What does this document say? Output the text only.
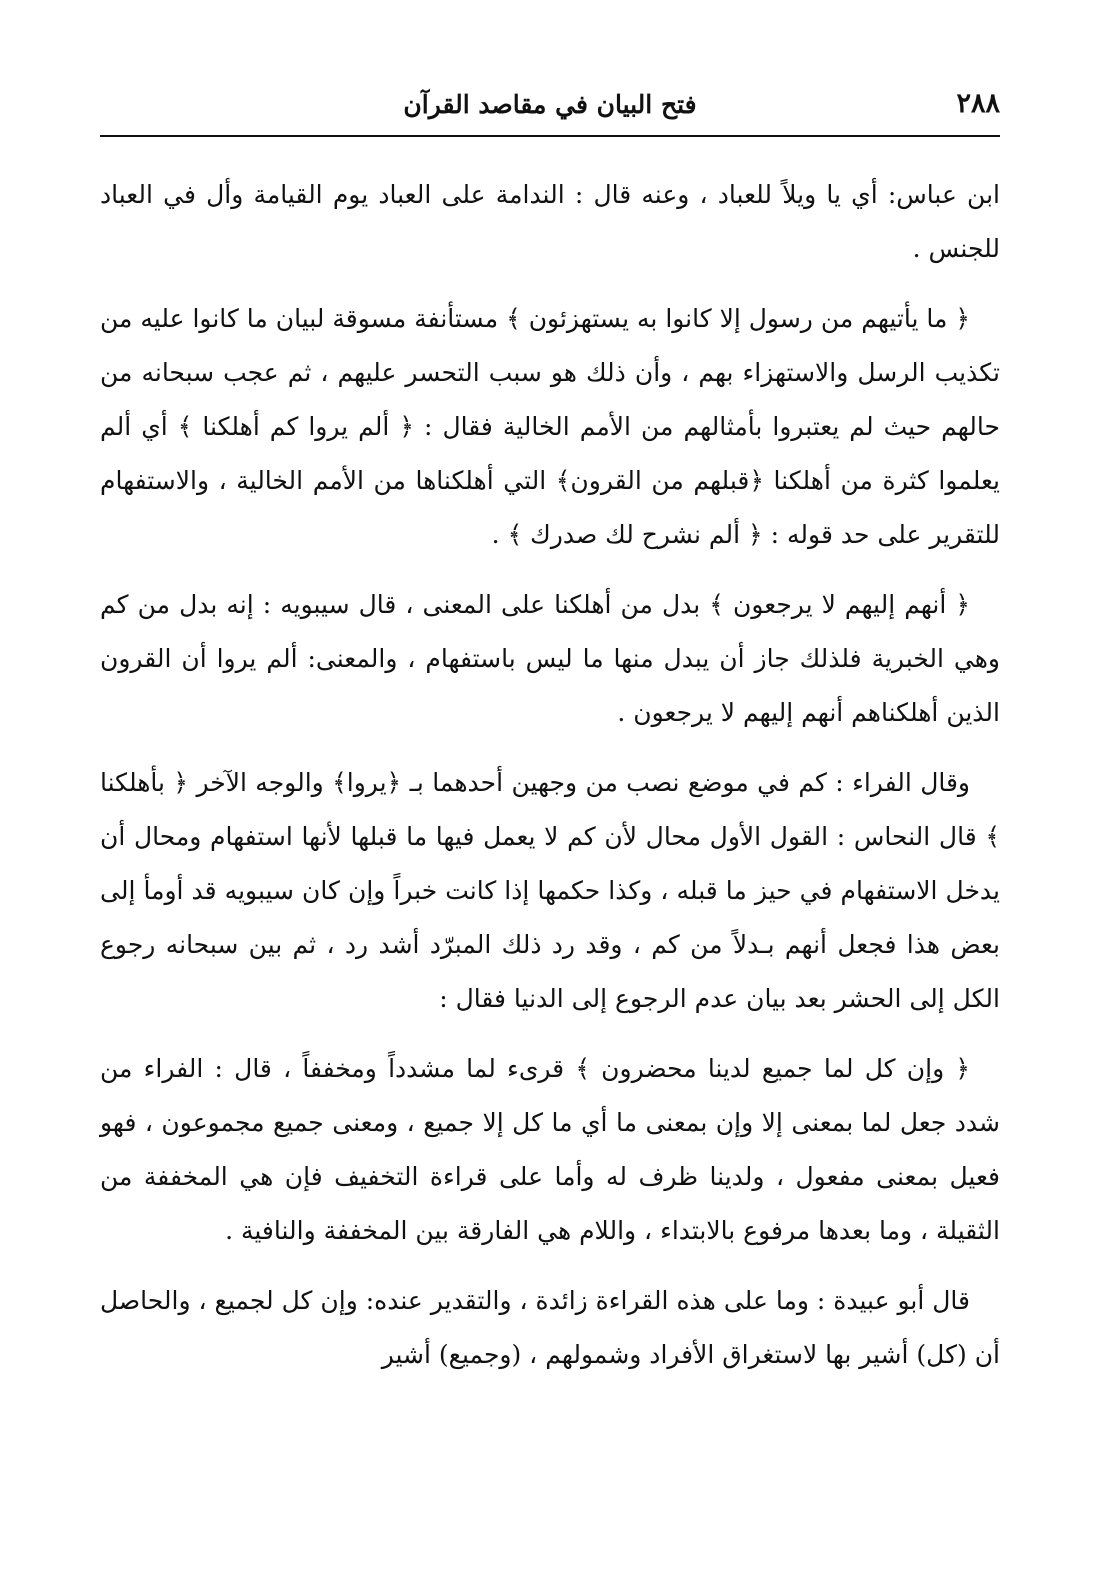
٢٨٨
فتح البيان في مقاصد القرآن

ابن عباس: أي يا ويلاً للعباد ، وعنه قال : الندامة على العباد يوم القيامة وأل في العباد للجنس .

﴿ ما يأتيهم من رسول إلا كانوا به يستهزئون ﴾ مستأنفة مسوقة لبيان ما كانوا عليه من تكذيب الرسل والاستهزاء بهم ، وأن ذلك هو سبب التحسر عليهم ، ثم عجب سبحانه من حالهم حيث لم يعتبروا بأمثالهم من الأمم الخالية فقال : ﴿ ألم يروا كم أهلكنا ﴾ أي ألم يعلموا كثرة من أهلكنا ﴿قبلهم من القرون﴾ التي أهلكناها من الأمم الخالية ، والاستفهام للتقرير على حد قوله : ﴿ ألم نشرح لك صدرك ﴾ .

﴿ أنهم إليهم لا يرجعون ﴾ بدل من أهلكنا على المعنى ، قال سيبويه : إنه بدل من كم وهي الخبرية فلذلك جاز أن يبدل منها ما ليس باستفهام ، والمعنى: ألم يروا أن القرون الذين أهلكناهم أنهم إليهم لا يرجعون .

وقال الفراء : كم في موضع نصب من وجهين أحدهما بـ ﴿يروا﴾ والوجه الآخر ﴿ بأهلكنا ﴾ قال النحاس : القول الأول محال لأن كم لا يعمل فيها ما قبلها لأنها استفهام ومحال أن يدخل الاستفهام في حيز ما قبله ، وكذا حكمها إذا كانت خبراً وإن كان سيبويه قد أومأ إلى بعض هذا فجعل أنهم بـدلاً من كم ، وقد رد ذلك المبرّد أشد رد ، ثم بين سبحانه رجوع الكل إلى الحشر بعد بيان عدم الرجوع إلى الدنيا فقال :

﴿ وإن كل لما جميع لدينا محضرون ﴾ قرىء لما مشدداً ومخففاً ، قال : الفراء من شدد جعل لما بمعنى إلا وإن بمعنى ما أي ما كل إلا جميع ، ومعنى جميع مجموعون ، فهو فعيل بمعنى مفعول ، ولدينا ظرف له وأما على قراءة التخفيف فإن هي المخففة من الثقيلة ، وما بعدها مرفوع بالابتداء ، واللام هي الفارقة بين المخففة والنافية .

قال أبو عبيدة : وما على هذه القراءة زائدة ، والتقدير عنده: وإن كل لجميع ، والحاصل أن (كل) أشير بها لاستغراق الأفراد وشمولهم ، (وجميع) أشير
